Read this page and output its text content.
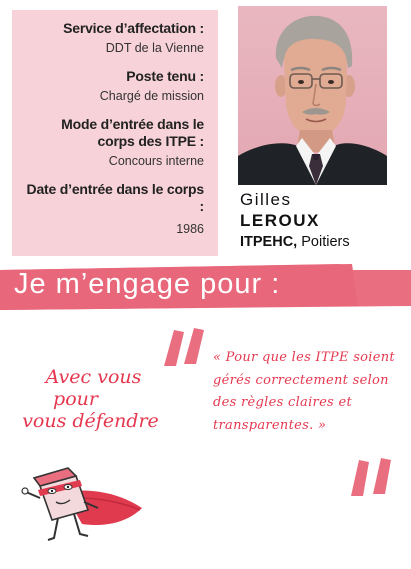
Service d’affectation :
DDT de la Vienne
Poste tenu :
Chargé de mission
Mode d’entrée dans le corps des ITPE :
Concours interne
Date d’entrée dans le corps :
1986
Gilles
LEROUX
ITPEHC, Poitiers
Je m’engage pour :
« Pour que les ITPE soient gérés correctement selon des règles claires et transparentes. »
Avec vous
pour
vous défendre
